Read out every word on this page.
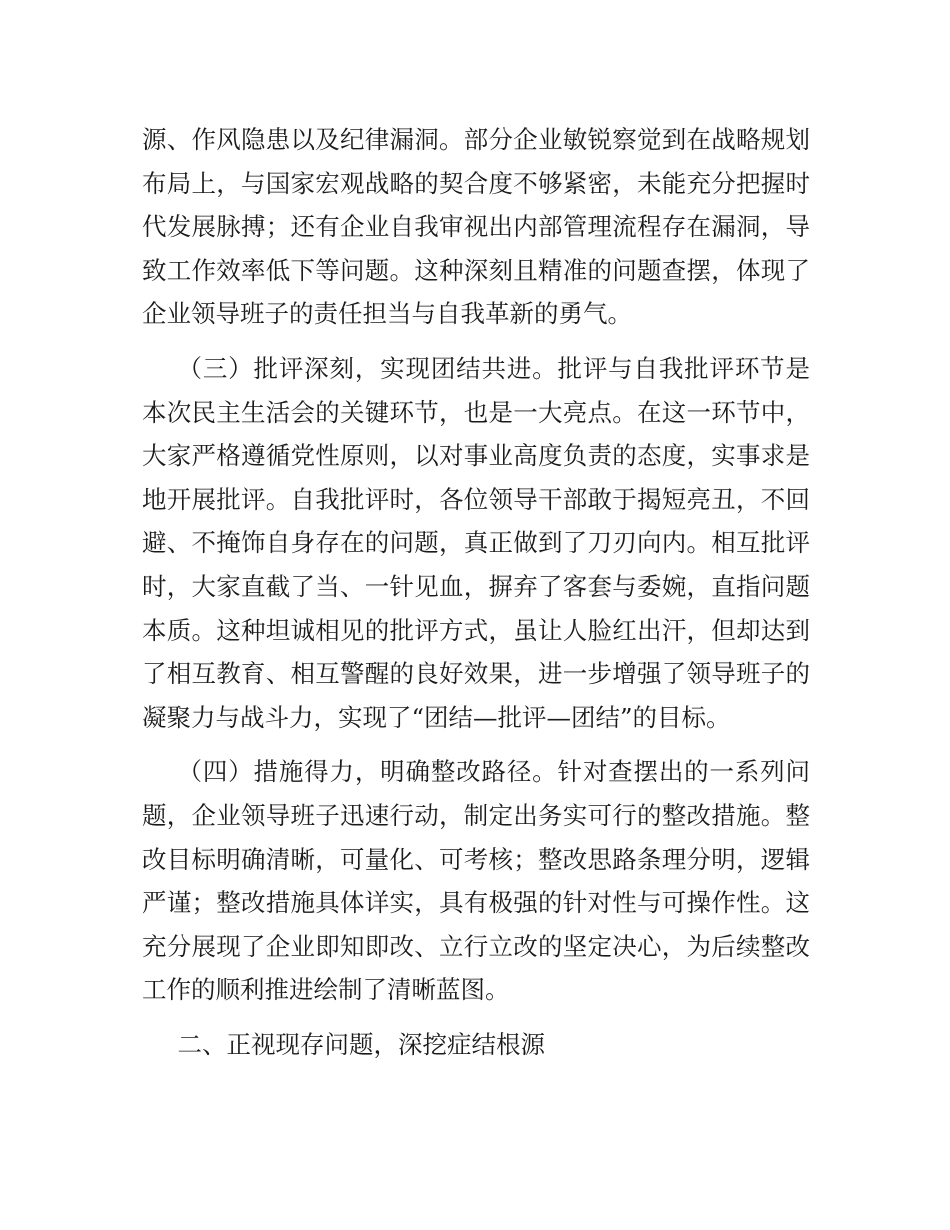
源、作风隐患以及纪律漏洞。部分企业敏锐察觉到在战略规划布局上，与国家宏观战略的契合度不够紧密，未能充分把握时代发展脉搏；还有企业自我审视出内部管理流程存在漏洞，导致工作效率低下等问题。这种深刻且精准的问题查摆，体现了企业领导班子的责任担当与自我革新的勇气。

（三）批评深刻，实现团结共进。批评与自我批评环节是本次民主生活会的关键环节，也是一大亮点。在这一环节中，大家严格遵循党性原则，以对事业高度负责的态度，实事求是地开展批评。自我批评时，各位领导干部敢于揭短亮丑，不回避、不掩饰自身存在的问题，真正做到了刀刃向内。相互批评时，大家直截了当、一针见血，摒弃了客套与委婉，直指问题本质。这种坦诚相见的批评方式，虽让人脸红出汗，但却达到了相互教育、相互警醒的良好效果，进一步增强了领导班子的凝聚力与战斗力，实现了“团结—批评—团结”的目标。

（四）措施得力，明确整改路径。针对查摆出的一系列问题，企业领导班子迅速行动，制定出务实可行的整改措施。整改目标明确清晰，可量化、可考核；整改思路条理分明，逻辑严谨；整改措施具体详实，具有极强的针对性与可操作性。这充分展现了企业即知即改、立行立改的坚定决心，为后续整改工作的顺利推进绘制了清晰蓝图。

二、正视现存问题，深挖症结根源
